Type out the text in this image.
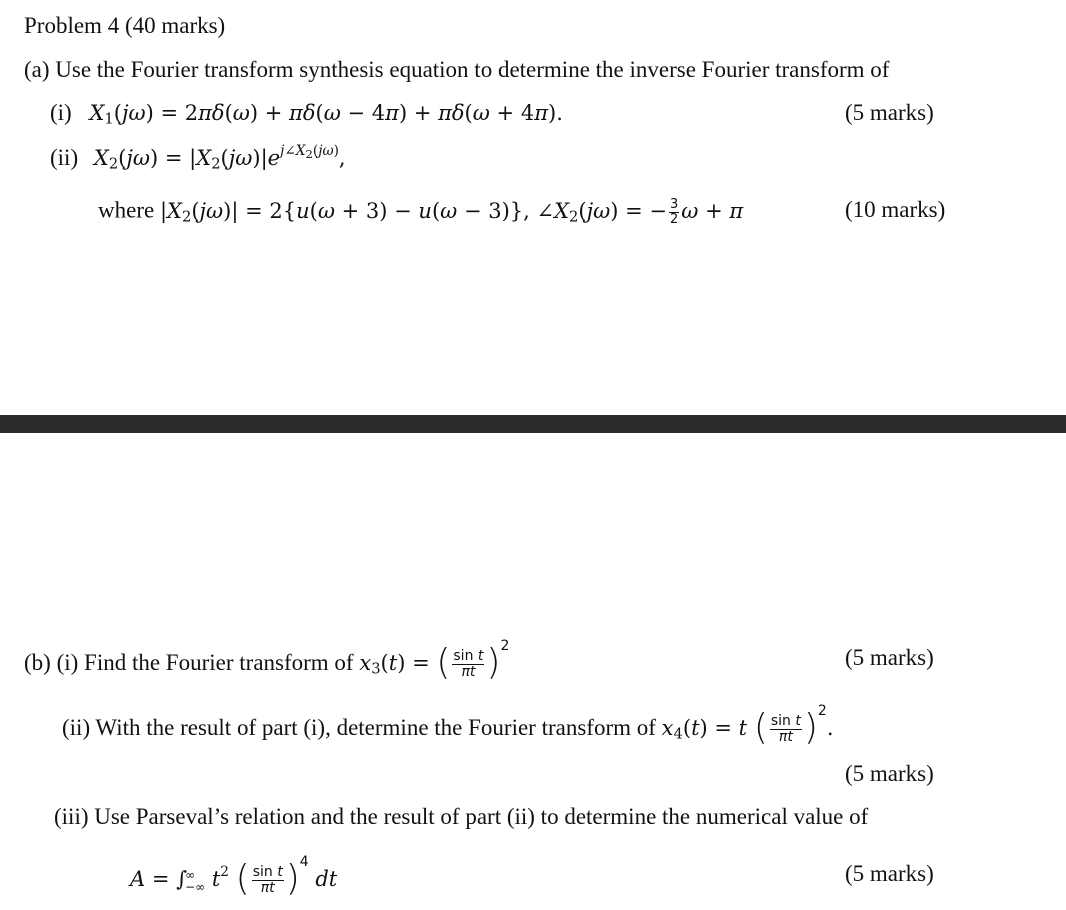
Problem 4 (40 marks)
(a) Use the Fourier transform synthesis equation to determine the inverse Fourier transform of
(i) $X_1(j\omega) = 2\pi\delta(\omega) + \pi\delta(\omega - 4\pi) + \pi\delta(\omega + 4\pi)$.	(5 marks)
(ii) $X_2(j\omega) = |X_2(j\omega)|e^{j\angle X_2(j\omega)}$,
where $|X_2(j\omega)| = 2\{u(\omega + 3) - u(\omega - 3)\}$, $\angle X_2(j\omega)$ = − $\frac{3}{2}$ ω + π	(10 marks)
(b) (i) Find the Fourier transform of $x_3(t)$ = ( $\frac{\text{sin t}}{\pi t} )^2$	(5 marks)
(ii) With the result of part (i), determine the Fourier transform of $x_4(t) = t$ ( $\frac{\text{sin t}}{\pi t} )^2$.
(5 marks)
(iii) Use Parseval’s relation and the result of part (ii) to determine the numerical value of
A = ∫
∞
−∞ $t^2$ ( $\frac{\text{sin t}}{\pi t} )^4$ dt	(5 marks)
